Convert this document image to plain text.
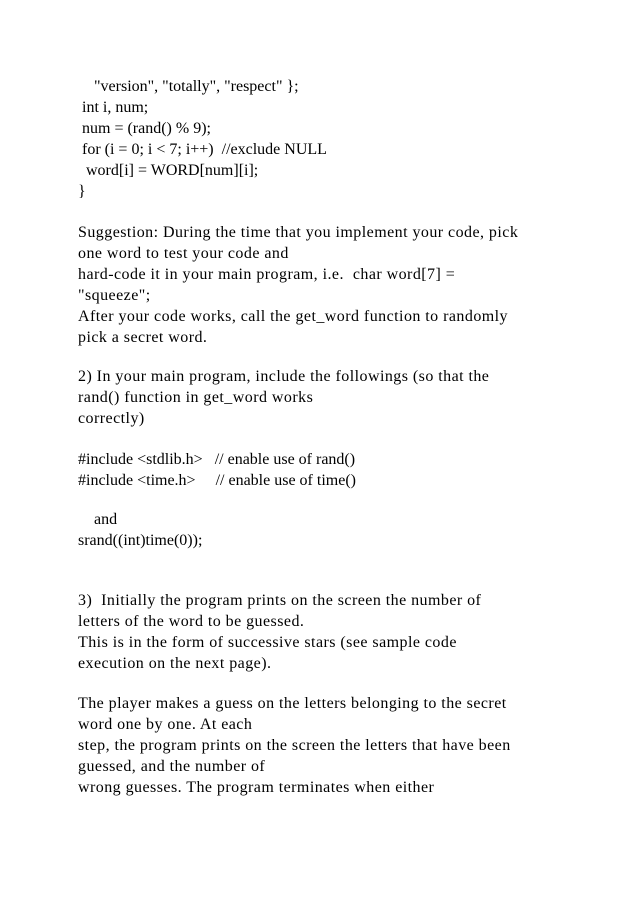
"version", "totally", "respect" };

int i, num;

num = (rand() % 9);

for (i = 0; i < 7; i++)  //exclude NULL

word[i] = WORD[num][i];

}

Suggestion: During the time that you implement your code, pick

one word to test your code and

hard-code it in your main program, i.e.  char word[7] =

"squeeze";

After your code works, call the get_word function to randomly

pick a secret word.

2) In your main program, include the followings (so that the

rand() function in get_word works

correctly)

#include <stdlib.h>   // enable use of rand()

#include <time.h>     // enable use of time()

and

srand((int)time(0));

3)  Initially the program prints on the screen the number of

letters of the word to be guessed.

This is in the form of successive stars (see sample code

execution on the next page).

The player makes a guess on the letters belonging to the secret

word one by one. At each

step, the program prints on the screen the letters that have been

guessed, and the number of

wrong guesses. The program terminates when either
